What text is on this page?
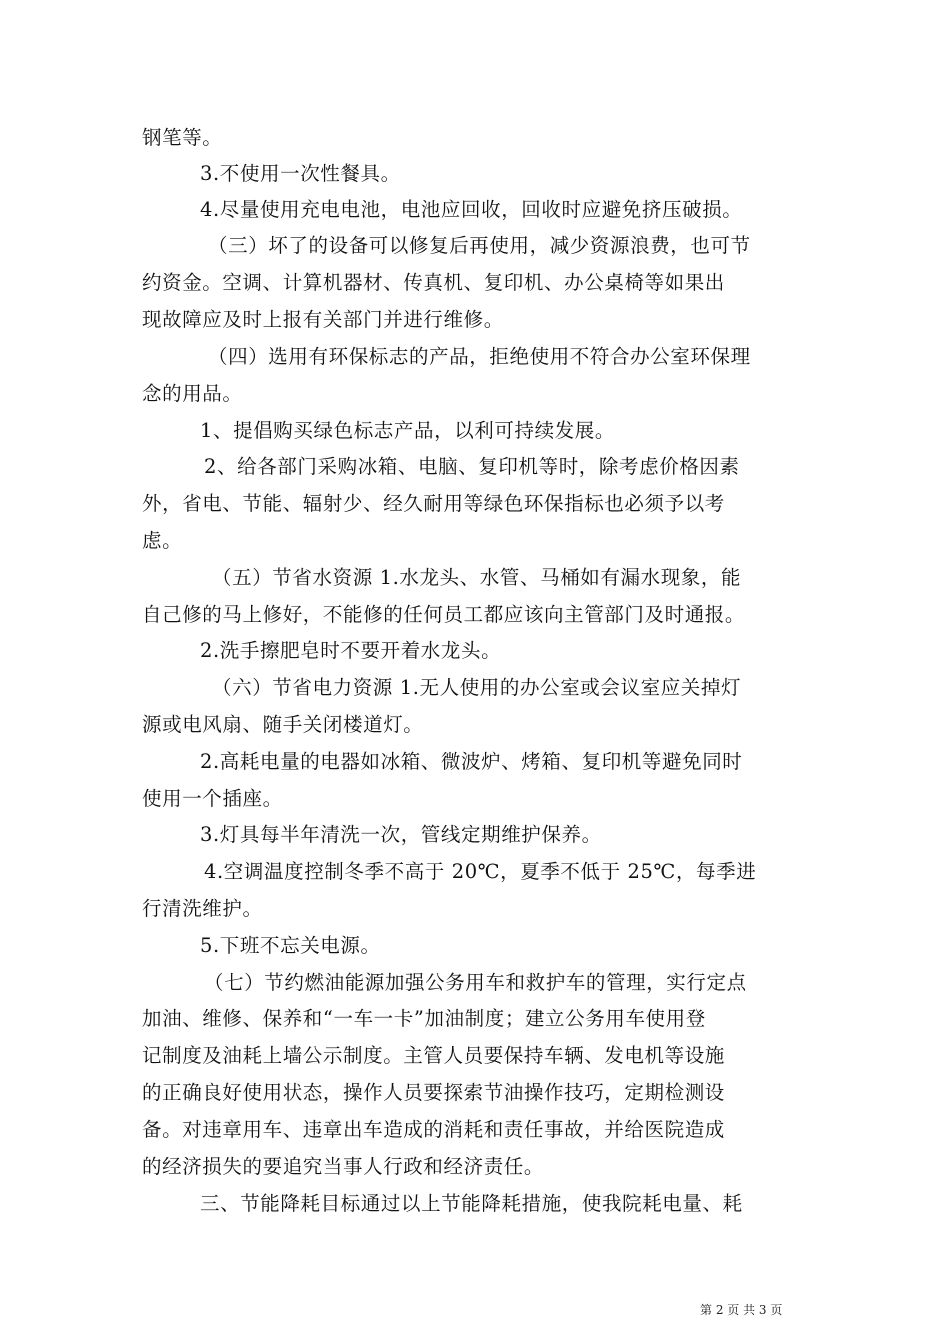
钢笔等。
3.不使用一次性餐具。
4.尽量使用充电电池，电池应回收，回收时应避免挤压破损。
（三）坏了的设备可以修复后再使用，减少资源浪费，也可节
约资金。空调、计算机器材、传真机、复印机、办公桌椅等如果出
现故障应及时上报有关部门并进行维修。
（四）选用有环保标志的产品，拒绝使用不符合办公室环保理
念的用品。
1、提倡购买绿色标志产品，以利可持续发展。
2、给各部门采购冰箱、电脑、复印机等时，除考虑价格因素
外，省电、节能、辐射少、经久耐用等绿色环保指标也必须予以考
虑。
（五）节省水资源 1.水龙头、水管、马桶如有漏水现象，能
自己修的马上修好，不能修的任何员工都应该向主管部门及时通报。
2.洗手擦肥皂时不要开着水龙头。
（六）节省电力资源 1.无人使用的办公室或会议室应关掉灯
源或电风扇、随手关闭楼道灯。
2.高耗电量的电器如冰箱、微波炉、烤箱、复印机等避免同时
使用一个插座。
3.灯具每半年清洗一次，管线定期维护保养。
4.空调温度控制冬季不高于 20℃，夏季不低于 25℃，每季进
行清洗维护。
5.下班不忘关电源。
（七）节约燃油能源加强公务用车和救护车的管理，实行定点
加油、维修、保养和“一车一卡”加油制度；建立公务用车使用登
记制度及油耗上墙公示制度。主管人员要保持车辆、发电机等设施
的正确良好使用状态，操作人员要探索节油操作技巧，定期检测设
备。对违章用车、违章出车造成的消耗和责任事故，并给医院造成
的经济损失的要追究当事人行政和经济责任。
三、节能降耗目标通过以上节能降耗措施，使我院耗电量、耗
第 2 页 共 3 页
